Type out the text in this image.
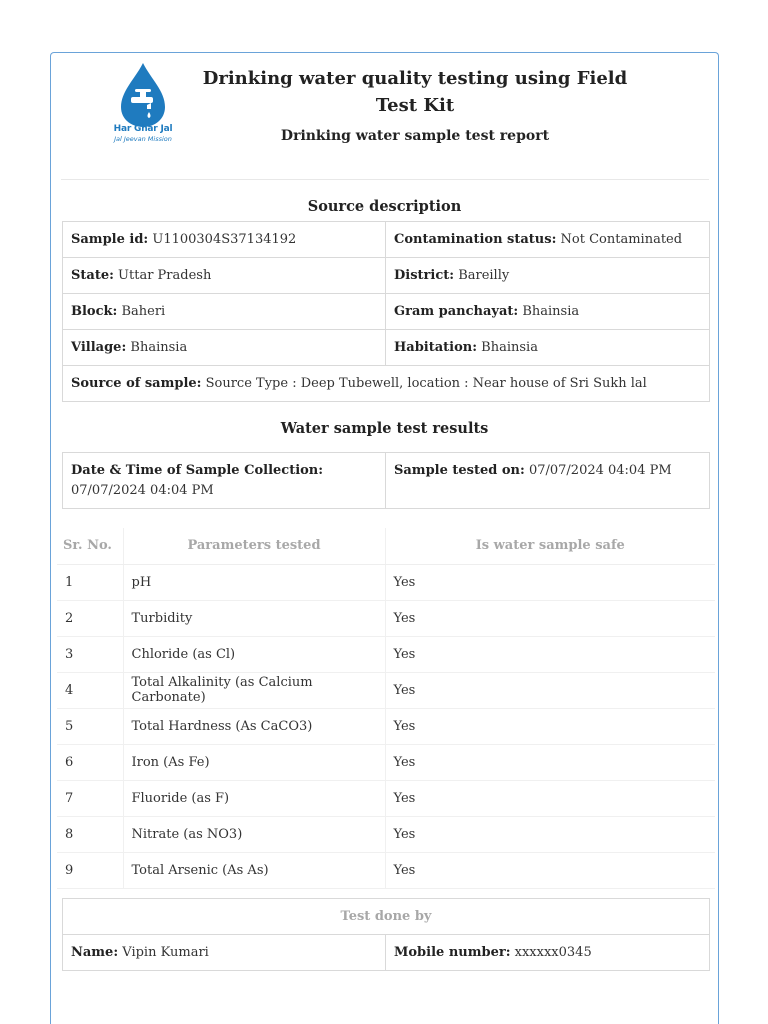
Har Ghar Jal
Jal Jeevan Mission
Drinking water quality testing using Field Test Kit
Drinking water sample test report
Source description
Sample id: U1100304S37134192	Contamination status: Not Contaminated
State: Uttar Pradesh	District: Bareilly
Block: Baheri	Gram panchayat: Bhainsia
Village: Bhainsia	Habitation: Bhainsia
Source of sample: Source Type : Deep Tubewell, location : Near house of Sri Sukh lal	
Water sample test results
Date & Time of Sample Collection: 07/07/2024 04:04 PM	Sample tested on: 07/07/2024 04:04 PM
Sr. No.	Parameters tested	Is water sample safe
1	pH	Yes
2	Turbidity	Yes
3	Chloride (as Cl)	Yes
4	Total Alkalinity (as Calcium Carbonate)	Yes
5	Total Hardness (As CaCO3)	Yes
6	Iron (As Fe)	Yes
7	Fluoride (as F)	Yes
8	Nitrate (as NO3)	Yes
9	Total Arsenic (As As)	Yes
Test done by
Name: Vipin Kumari	Mobile number: xxxxxx0345
